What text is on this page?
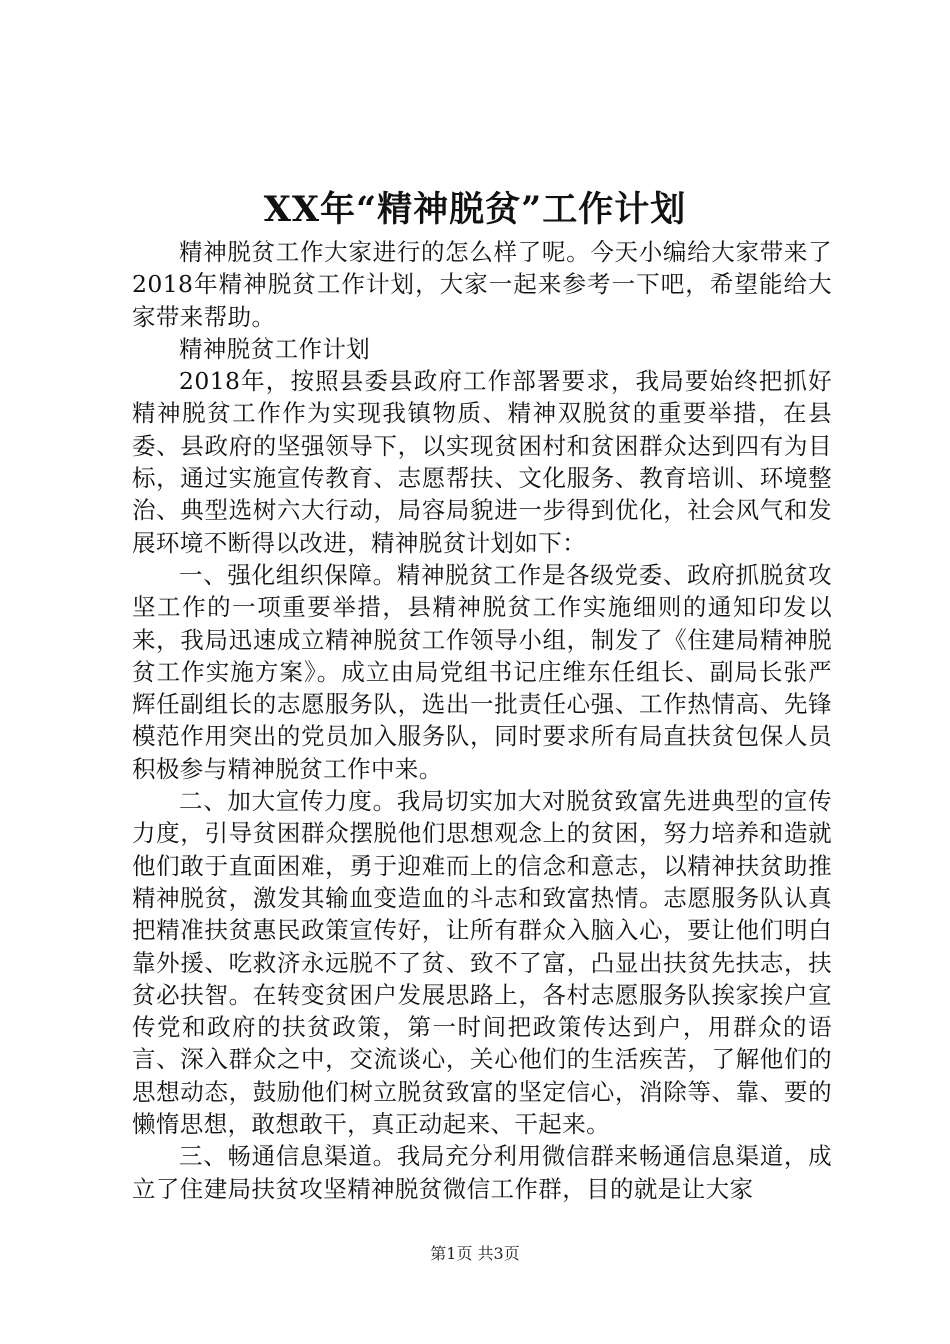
XX年“精神脱贫”工作计划

精神脱贫工作大家进行的怎么样了呢。今天小编给大家带来了2018年精神脱贫工作计划，大家一起来参考一下吧，希望能给大家带来帮助。

精神脱贫工作计划

2018年，按照县委县政府工作部署要求，我局要始终把抓好精神脱贫工作作为实现我镇物质、精神双脱贫的重要举措，在县委、县政府的坚强领导下，以实现贫困村和贫困群众达到四有为目标，通过实施宣传教育、志愿帮扶、文化服务、教育培训、环境整治、典型选树六大行动，局容局貌进一步得到优化，社会风气和发展环境不断得以改进，精神脱贫计划如下：

一、强化组织保障。精神脱贫工作是各级党委、政府抓脱贫攻坚工作的一项重要举措，县精神脱贫工作实施细则的通知印发以来，我局迅速成立精神脱贫工作领导小组，制发了《住建局精神脱贫工作实施方案》。成立由局党组书记庄维东任组长、副局长张严辉任副组长的志愿服务队，选出一批责任心强、工作热情高、先锋模范作用突出的党员加入服务队，同时要求所有局直扶贫包保人员积极参与精神脱贫工作中来。

二、加大宣传力度。我局切实加大对脱贫致富先进典型的宣传力度，引导贫困群众摆脱他们思想观念上的贫困，努力培养和造就他们敢于直面困难，勇于迎难而上的信念和意志，以精神扶贫助推精神脱贫，激发其输血变造血的斗志和致富热情。志愿服务队认真把精准扶贫惠民政策宣传好，让所有群众入脑入心，要让他们明白靠外援、吃救济永远脱不了贫、致不了富，凸显出扶贫先扶志，扶贫必扶智。在转变贫困户发展思路上，各村志愿服务队挨家挨户宣传党和政府的扶贫政策，第一时间把政策传达到户，用群众的语言、深入群众之中，交流谈心，关心他们的生活疾苦，了解他们的思想动态，鼓励他们树立脱贫致富的坚定信心，消除等、靠、要的懒惰思想，敢想敢干，真正动起来、干起来。

三、畅通信息渠道。我局充分利用微信群来畅通信息渠道，成立了住建局扶贫攻坚精神脱贫微信工作群，目的就是让大家

第1页 共3页
